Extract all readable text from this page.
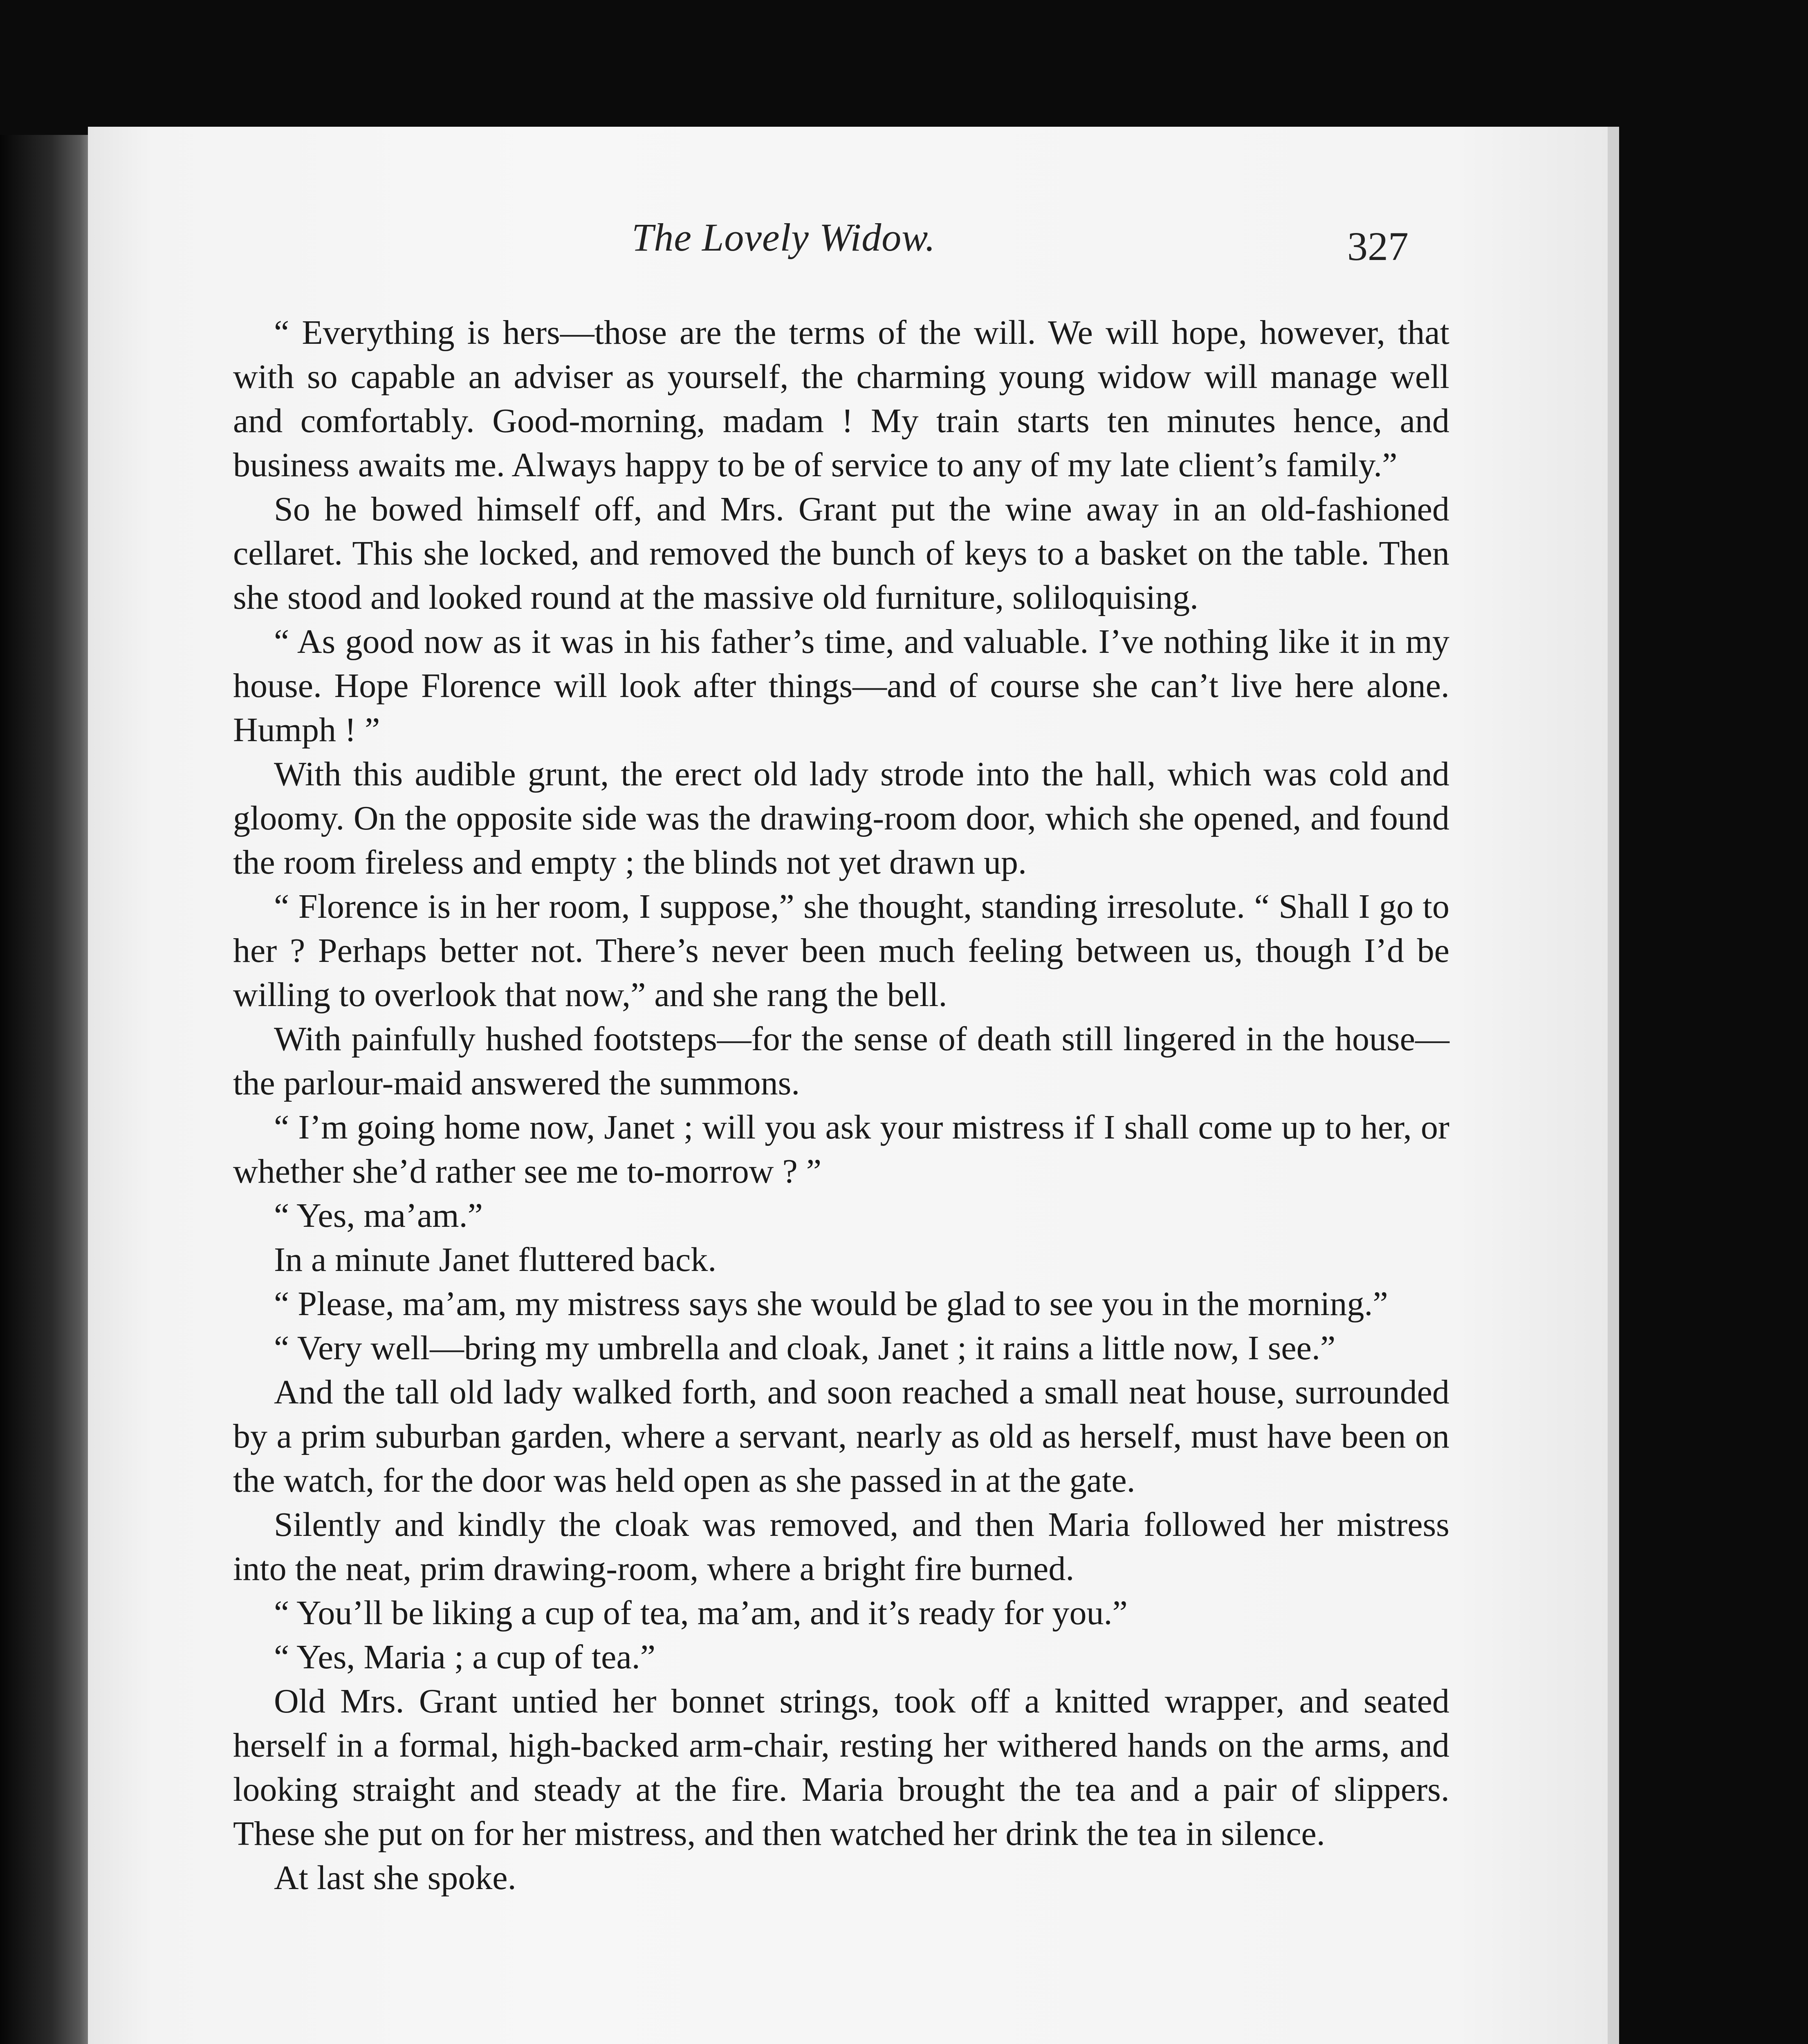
The Lovely Widow.	327

“ Everything is hers—those are the terms of the will. We will hope, however, that with so capable an adviser as yourself, the charming young widow will manage well and comfortably. Good-morning, madam ! My train starts ten minutes hence, and business awaits me. Always happy to be of service to any of my late client’s family.”

So he bowed himself off, and Mrs. Grant put the wine away in an old-fashioned cellaret. This she locked, and removed the bunch of keys to a basket on the table. Then she stood and looked round at the massive old furniture, soliloquising.

“ As good now as it was in his father’s time, and valuable. I’ve nothing like it in my house. Hope Florence will look after things—and of course she can’t live here alone. Humph ! ”

With this audible grunt, the erect old lady strode into the hall, which was cold and gloomy. On the opposite side was the drawing-room door, which she opened, and found the room fireless and empty ; the blinds not yet drawn up.

“ Florence is in her room, I suppose,” she thought, standing irresolute. “ Shall I go to her ? Perhaps better not. There’s never been much feeling between us, though I’d be willing to overlook that now,” and she rang the bell.

With painfully hushed footsteps—for the sense of death still lingered in the house—the parlour-maid answered the summons.

“ I’m going home now, Janet ; will you ask your mistress if I shall come up to her, or whether she’d rather see me to-morrow ? ”

“ Yes, ma’am.”

In a minute Janet fluttered back.

“ Please, ma’am, my mistress says she would be glad to see you in the morning.”

“ Very well—bring my umbrella and cloak, Janet ; it rains a little now, I see.”

And the tall old lady walked forth, and soon reached a small neat house, surrounded by a prim suburban garden, where a servant, nearly as old as herself, must have been on the watch, for the door was held open as she passed in at the gate.

Silently and kindly the cloak was removed, and then Maria followed her mistress into the neat, prim drawing-room, where a bright fire burned.

“ You’ll be liking a cup of tea, ma’am, and it’s ready for you.”

“ Yes, Maria ; a cup of tea.”

Old Mrs. Grant untied her bonnet strings, took off a knitted wrapper, and seated herself in a formal, high-backed arm-chair, resting her withered hands on the arms, and looking straight and steady at the fire. Maria brought the tea and a pair of slippers. These she put on for her mistress, and then watched her drink the tea in silence.

At last she spoke.
